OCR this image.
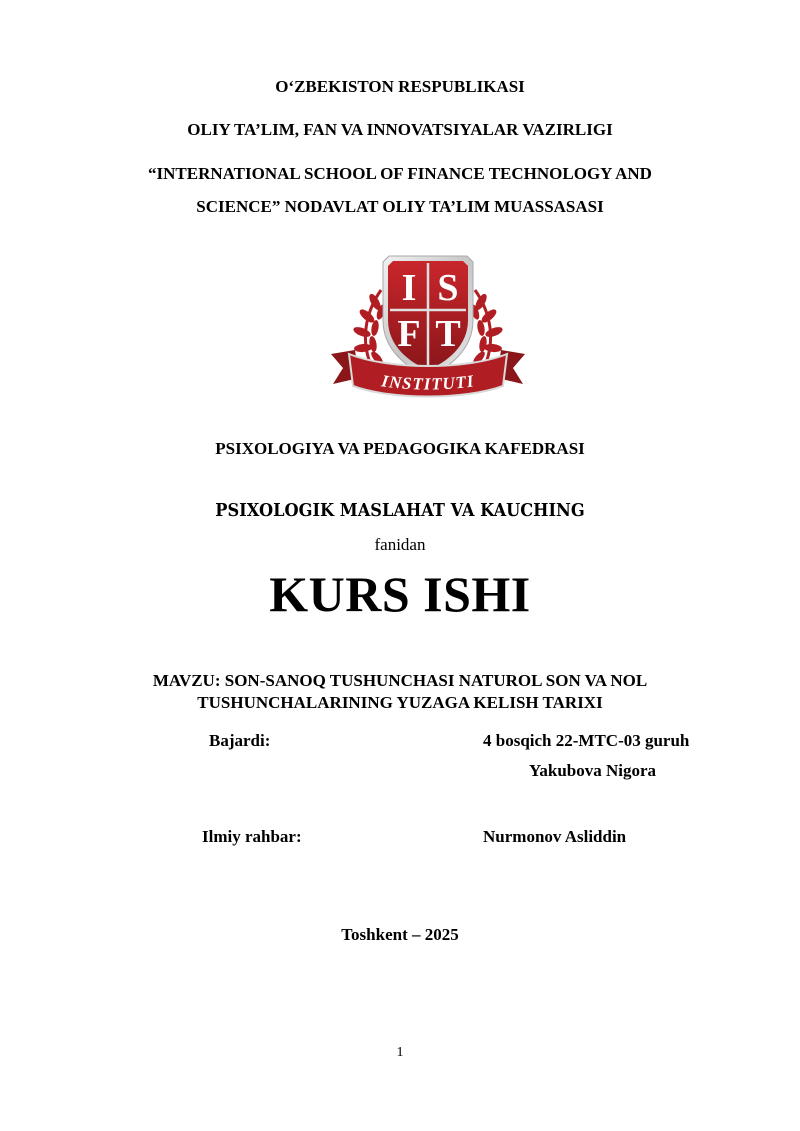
O‘ZBEKISTON RESPUBLIKASI
OLIY TA’LIM, FAN VA INNOVATSIYALAR VAZIRLIGI
“INTERNATIONAL SCHOOL OF FINANCE TECHNOLOGY AND
SCIENCE” NODAVLAT OLIY TA’LIM MUASSASASI
I S
F T
INSTITUTI
PSIXOLOGIYA VA PEDAGOGIKA KAFEDRASI
PSIXOLOGIK MASLAHAT VA KAUCHING
fanidan
KURS ISHI
MAVZU: SON-SANOQ TUSHUNCHASI NATUROL SON VA NOL
TUSHUNCHALARINING YUZAGA KELISH TARIXI
Bajardi:	4 bosqich 22-MTC-03 guruh
Yakubova Nigora
Ilmiy rahbar:	Nurmonov Asliddin
Toshkent – 2025
1
